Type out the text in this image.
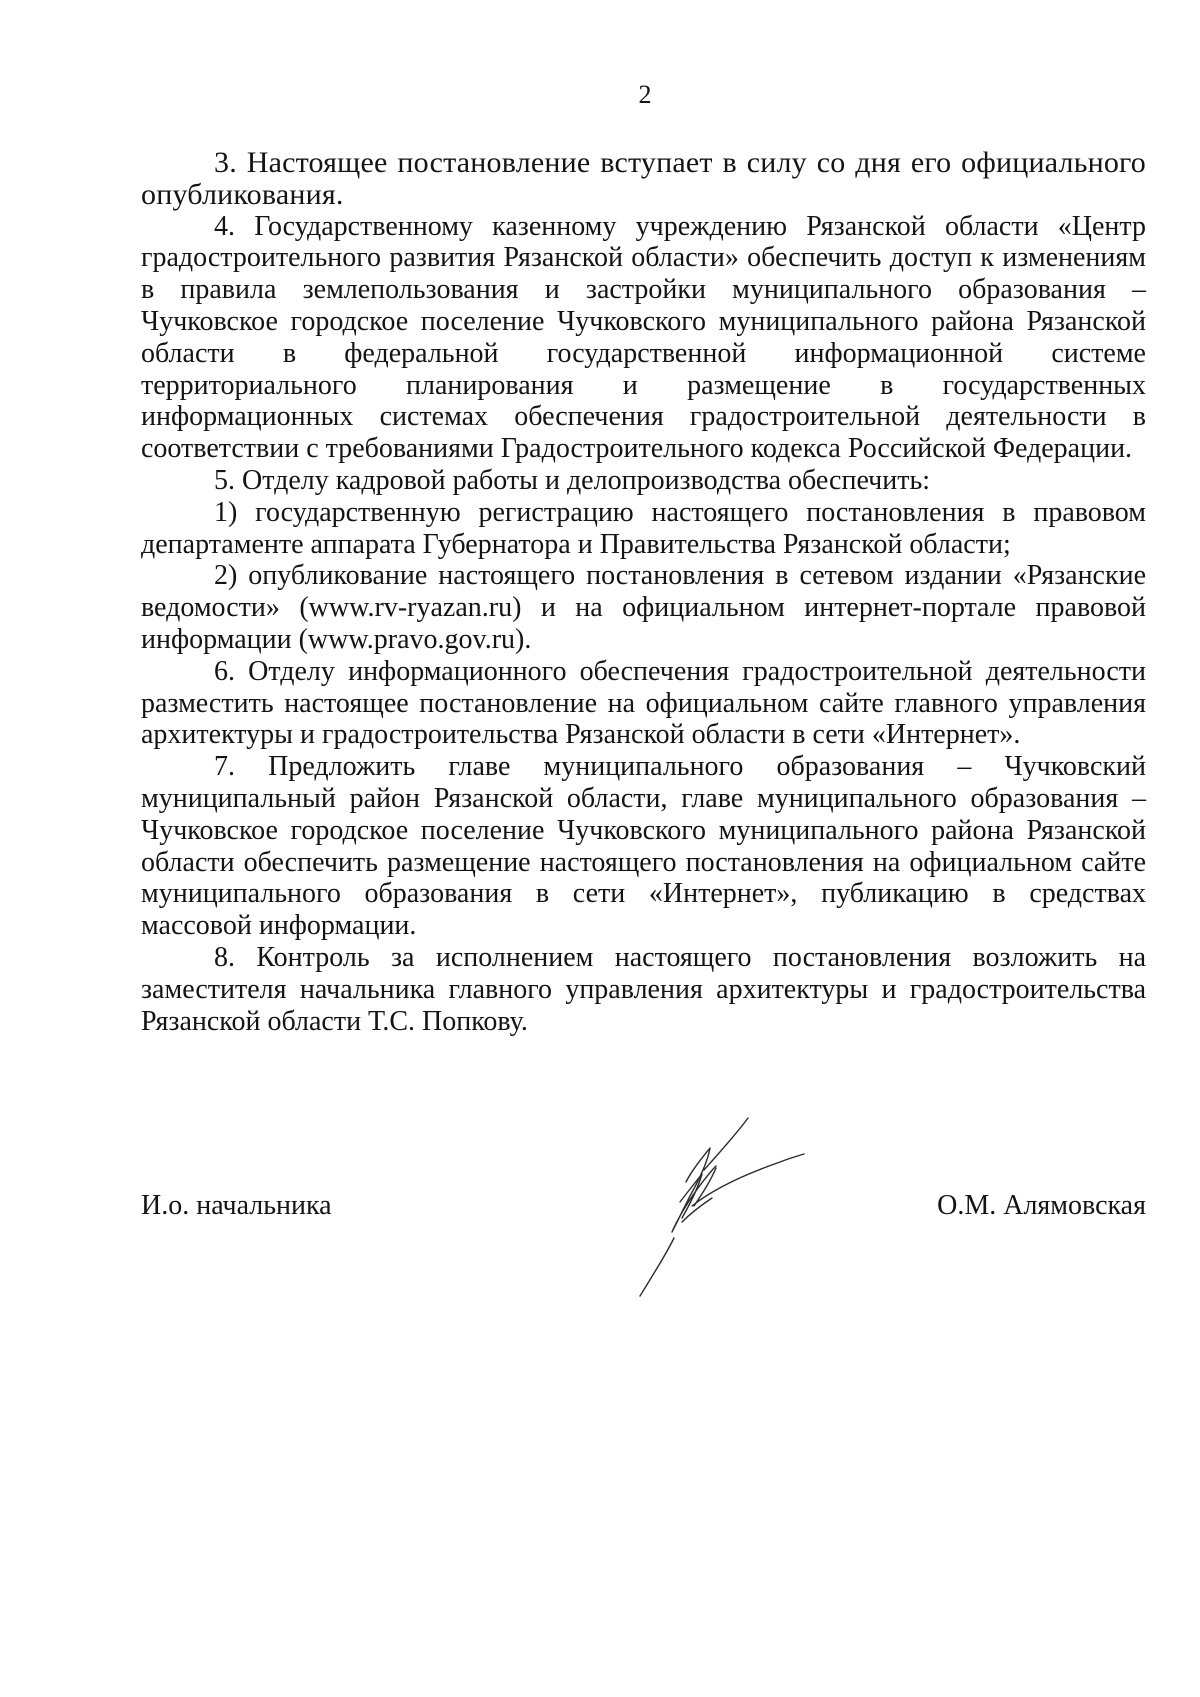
2

3. Настоящее постановление вступает в силу со дня его официального опубликования.

4. Государственному казенному учреждению Рязанской области «Центр градостроительного развития Рязанской области» обеспечить доступ к изменениям в правила землепользования и застройки муниципального образования – Чучковское городское поселение Чучковского муниципального района Рязанской области в федеральной государственной информационной системе территориального планирования и размещение в государственных информационных системах обеспечения градостроительной деятельности в соответствии с требованиями Градостроительного кодекса Российской Федерации.

5. Отделу кадровой работы и делопроизводства обеспечить:

1) государственную регистрацию настоящего постановления в правовом департаменте аппарата Губернатора и Правительства Рязанской области;

2) опубликование настоящего постановления в сетевом издании «Рязанские ведомости» (www.rv-ryazan.ru) и на официальном интернет-портале правовой информации (www.pravo.gov.ru).

6. Отделу информационного обеспечения градостроительной деятельности разместить настоящее постановление на официальном сайте главного управления архитектуры и градостроительства Рязанской области в сети «Интернет».

7. Предложить главе муниципального образования – Чучковский муниципальный район Рязанской области, главе муниципального образования – Чучковское городское поселение Чучковского муниципального района Рязанской области обеспечить размещение настоящего постановления на официальном сайте муниципального образования в сети «Интернет», публикацию в средствах массовой информации.

8. Контроль за исполнением настоящего постановления возложить на заместителя начальника главного управления архитектуры и градостроительства Рязанской области Т.С. Попкову.

И.о. начальника	О.М. Алямовская
